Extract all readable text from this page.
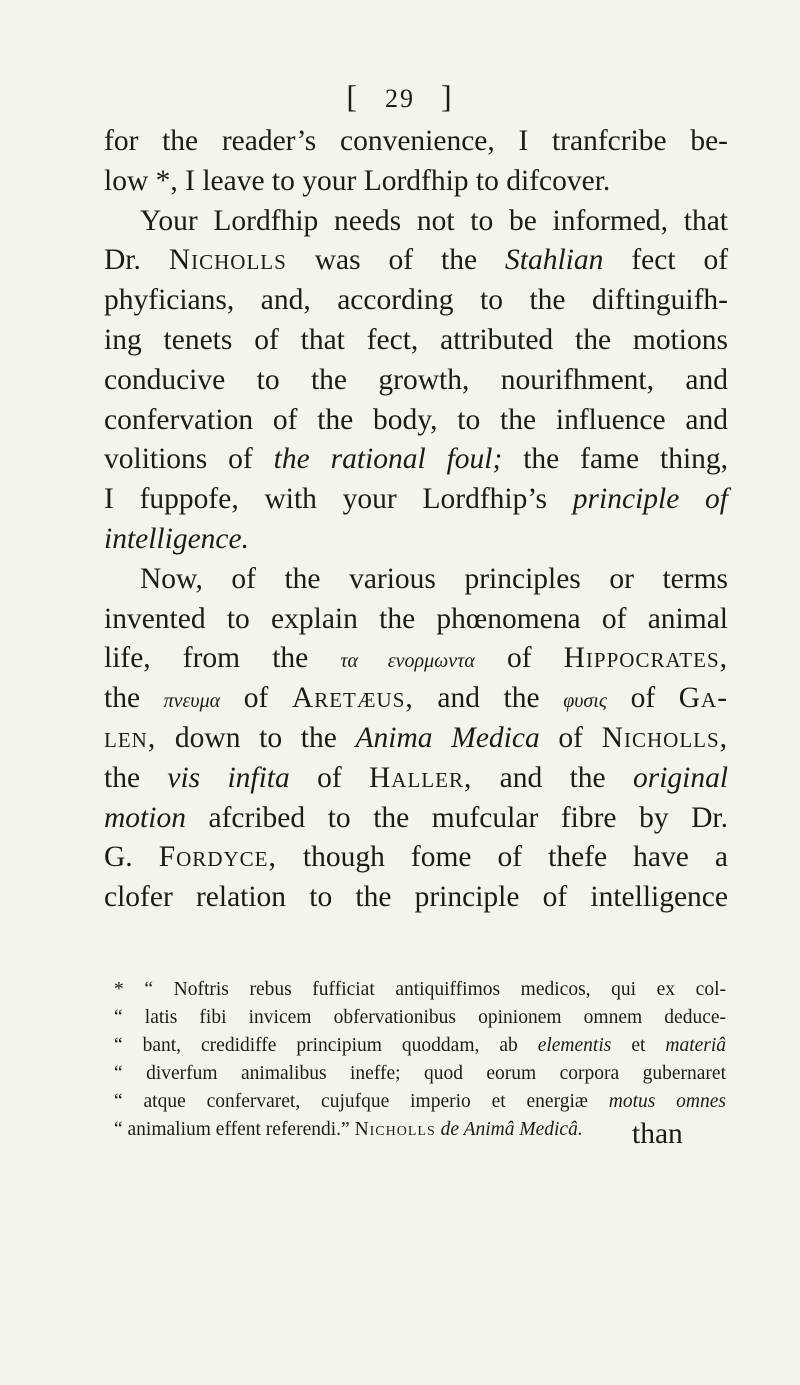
[ 29 ]
for the reader’s convenience, I tranfcribe be-
low *, I leave to your Lordfhip to difcover.
Your Lordfhip needs not to be informed, that
Dr. Nicholls was of the Stahlian fect of
phyficians, and, according to the diftinguifh-
ing tenets of that fect, attributed the motions
conducive to the growth, nourifhment, and
confervation of the body, to the influence and
volitions of the rational foul; the fame thing,
I fuppofe, with your Lordfhip’s principle of
intelligence.
Now, of the various principles or terms
invented to explain the phœnomena of animal
life, from the τα ενορμωντα of Hippocrates,
the πνευμα of Aretæus, and the φυσις of Ga-
len, down to the Anima Medica of Nicholls,
the vis infita of Haller, and the original
motion afcribed to the mufcular fibre by Dr.
G. Fordyce, though fome of thefe have a
clofer relation to the principle of intelligence
* “ Noftris rebus fufficiat antiquiffimos medicos, qui ex col-
“ latis fibi invicem obfervationibus opinionem omnem deduce-
“ bant, credidiffe principium quoddam, ab elementis et materiâ
“ diverfum animalibus ineffe; quod eorum corpora gubernaret
“ atque confervaret, cujufque imperio et energiæ motus omnes
“ animalium effent referendi.” Nicholls de Animâ Medicâ.	than
